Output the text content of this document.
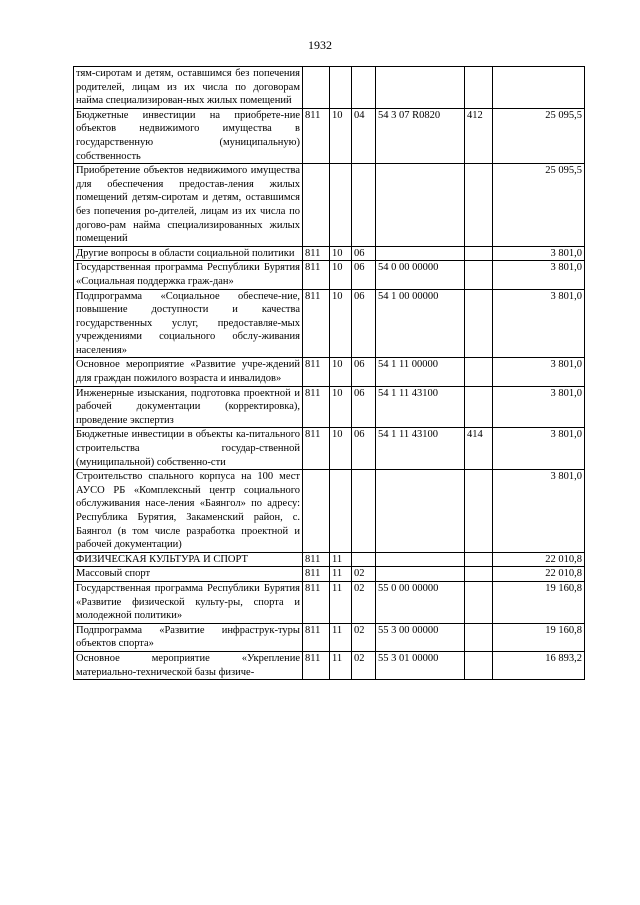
1932
тям-сиротам и детям, оставшимся без попечения родителей, лицам из их числа по договорам найма специализирован-ных жилых помещений						
Бюджетные инвестиции на приобрете-ние объектов недвижимого имущества в государственную (муниципальную) собственность	811	10	04	54 3 07 R0820	412	25 095,5
Приобретение объектов недвижимого имущества для обеспечения предостав-ления жилых помещений детям-сиротам и детям, оставшимся без попечения ро-дителей, лицам из их числа по догово-рам найма специализированных жилых помещений						25 095,5
Другие вопросы в области социальной политики	811	10	06			3 801,0
Государственная программа Республики Бурятия «Социальная поддержка граж-дан»	811	10	06	54 0 00 00000		3 801,0
Подпрограмма «Социальное обеспече-ние, повышение доступности и качества государственных услуг, предоставляе-мых учреждениями социального обслу-живания населения»	811	10	06	54 1 00 00000		3 801,0
Основное мероприятие «Развитие учре-ждений для граждан пожилого возраста и инвалидов»	811	10	06	54 1 11 00000		3 801,0
Инженерные изыскания, подготовка проектной и рабочей документации (корректировка), проведение экспертиз	811	10	06	54 1 11 43100		3 801,0
Бюджетные инвестиции в объекты ка-питального строительства государ-ственной (муниципальной) собственно-сти	811	10	06	54 1 11 43100	414	3 801,0
Строительство спального корпуса на 100 мест АУСО РБ «Комплексный центр социального обслуживания насе-ления «Баянгол» по адресу: Республика Бурятия, Закаменский район, с. Баянгол (в том числе разработка проектной и рабочей документации)						3 801,0
ФИЗИЧЕСКАЯ КУЛЬТУРА И СПОРТ	811	11				22 010,8
Массовый спорт	811	11	02			22 010,8
Государственная программа Республики Бурятия «Развитие физической культу-ры, спорта и молодежной политики»	811	11	02	55 0 00 00000		19 160,8
Подпрограмма «Развитие инфраструк-туры объектов спорта»	811	11	02	55 3 00 00000		19 160,8
Основное мероприятие «Укрепление материально-технической базы физиче-	811	11	02	55 3 01 00000		16 893,2
